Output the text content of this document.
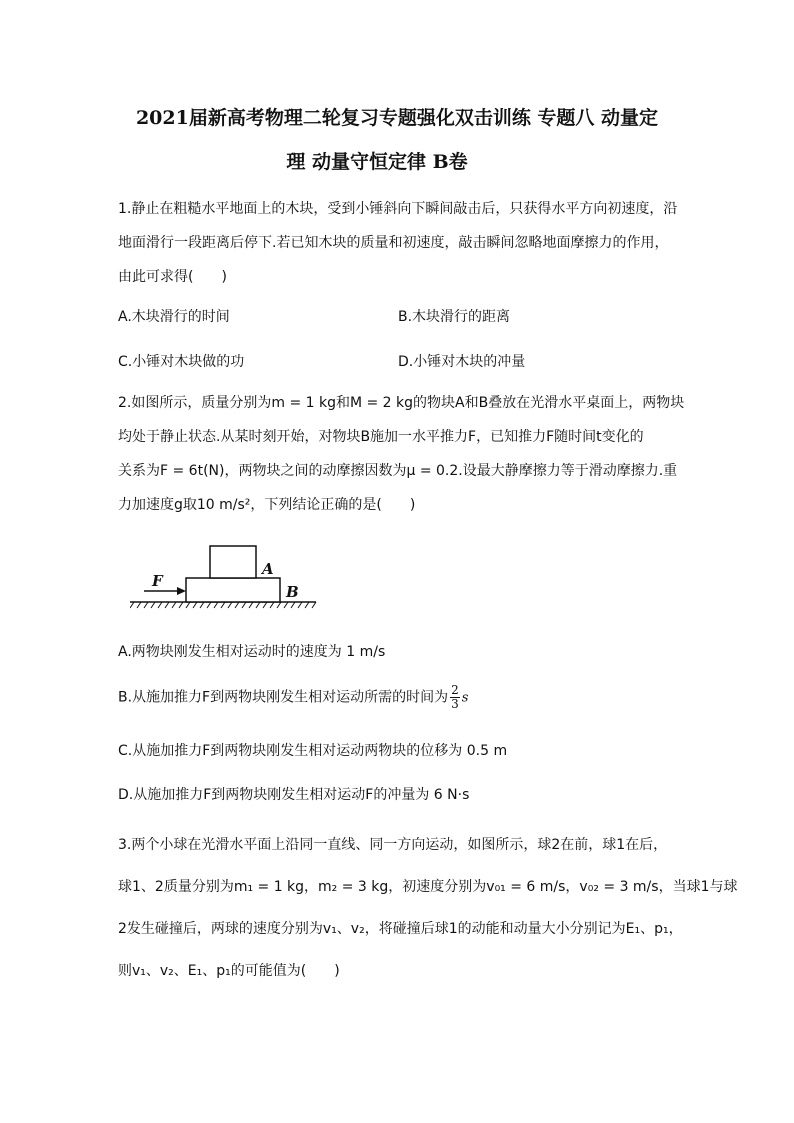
2021届新高考物理二轮复习专题强化双击训练 专题八 动量定
理 动量守恒定律 B卷
1.静止在粗糙水平地面上的木块，受到小锤斜向下瞬间敲击后，只获得水平方向初速度，沿
地面滑行一段距离后停下.若已知木块的质量和初速度，敲击瞬间忽略地面摩擦力的作用，
由此可求得(　　)
A.木块滑行的时间	B.木块滑行的距离
C.小锤对木块做的功	D.小锤对木块的冲量
2.如图所示，质量分别为m = 1 kg和M = 2 kg的物块A和B叠放在光滑水平桌面上，两物块
均处于静止状态.从某时刻开始，对物块B施加一水平推力F，已知推力F随时间t变化的
关系为F = 6t(N)，两物块之间的动摩擦因数为μ = 0.2.设最大静摩擦力等于滑动摩擦力.重
力加速度g取10 m/s²，下列结论正确的是(　　)
F
A
B
A.两物块刚发生相对运动时的速度为 1 m/s
B.从施加推力F到两物块刚发生相对运动所需的时间为 $\frac{2}{3}$ s
C.从施加推力F到两物块刚发生相对运动两物块的位移为 0.5 m
D.从施加推力F到两物块刚发生相对运动F的冲量为 6 N·s
3.两个小球在光滑水平面上沿同一直线、同一方向运动，如图所示，球2在前，球1在后，
球1、2质量分别为m₁ = 1 kg，m₂ = 3 kg，初速度分别为v₀₁ = 6 m/s，v₀₂ = 3 m/s，当球1与球
2发生碰撞后，两球的速度分别为v₁、v₂，将碰撞后球1的动能和动量大小分别记为E₁、p₁，
则v₁、v₂、E₁、p₁的可能值为(　　)
